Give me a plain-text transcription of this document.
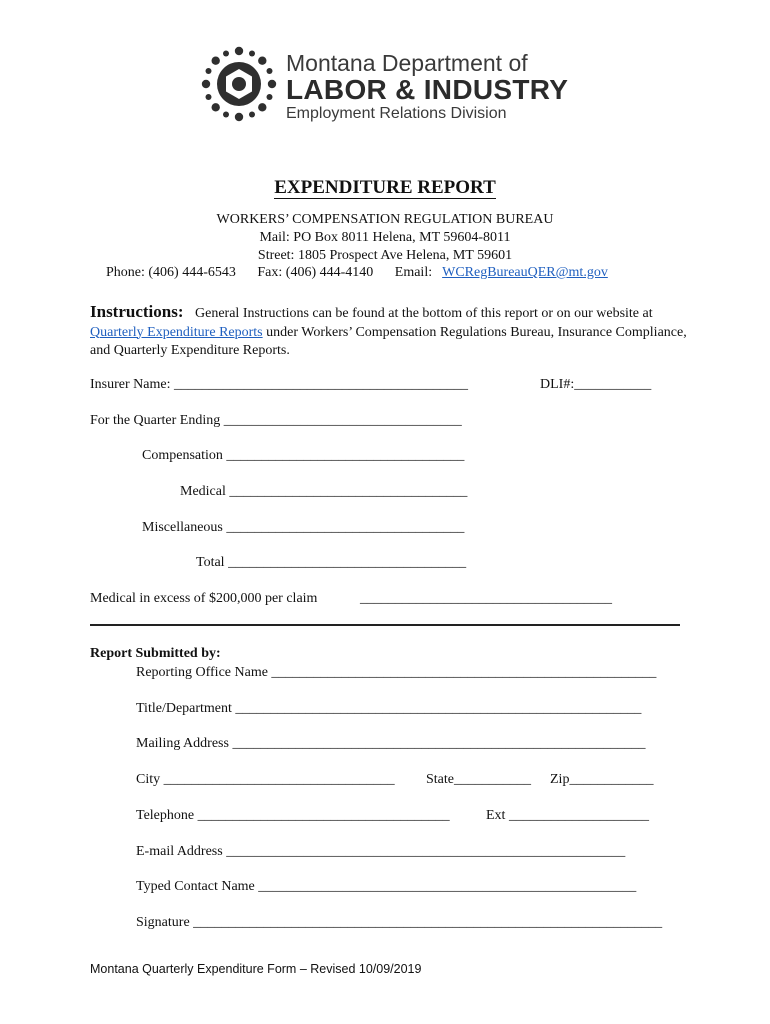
Montana Department of
LABOR & INDUSTRY
Employment Relations Division
EXPENDITURE REPORT
WORKERS’ COMPENSATION REGULATION BUREAU
Mail: PO Box 8011 Helena, MT 59604-8011
Street: 1805 Prospect Ave Helena, MT 59601
Phone: (406) 444-6543 Fax: (406) 444-4140 Email: WCRegBureauQER@mt.gov
Instructions: General Instructions can be found at the bottom of this report or on our website at Quarterly Expenditure Reports under Workers’ Compensation Regulations Bureau, Insurance Compliance, and Quarterly Expenditure Reports.
Insurer Name: __________________________________________	DLI#:___________
For the Quarter Ending __________________________________
Compensation __________________________________
Medical __________________________________
Miscellaneous __________________________________
Total __________________________________
Medical in excess of $200,000 per claim	____________________________________
Report Submitted by:
Reporting Office Name _______________________________________________________
Title/Department __________________________________________________________
Mailing Address ___________________________________________________________
City _________________________________ State___________ Zip____________
Telephone ____________________________________	Ext ____________________
E-mail Address _________________________________________________________
Typed Contact Name ______________________________________________________
Signature ___________________________________________________________________
Montana Quarterly Expenditure Form – Revised 10/09/2019
